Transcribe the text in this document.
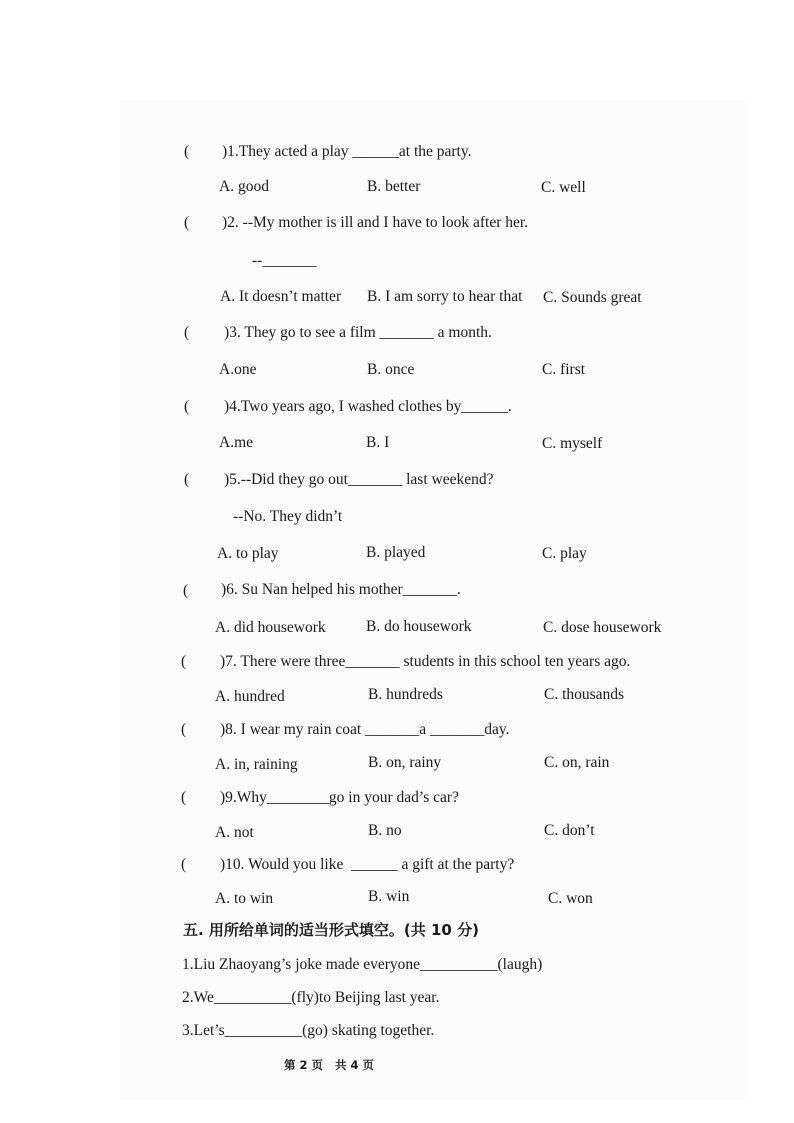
( )1.They acted a play ______at the party.
A. good	B. better	C. well
( )2. --My mother is ill and I have to look after her.
--_______
A. It doesn’t matter B. I am sorry to hear that C. Sounds great
( )3. They go to see a film _______ a month.
A.one	B. once	C. first
( )4.Two years ago, I washed clothes by______.
A.me	B. I	C. myself
( )5.--Did they go out_______ last weekend?
--No. They didn’t
A. to play	B. played	C. play
( )6. Su Nan helped his mother_______.
A. did housework	B. do housework	C. dose housework
( )7. There were three_______ students in this school ten years ago.
A. hundred	B. hundreds	C. thousands
( )8. I wear my rain coat _______a _______day.
A. in, raining	B. on, rainy	C. on, rain
( )9.Why________go in your dad’s car?
A. not	B. no	C. don’t
( )10. Would you like  ______ a gift at the party?
A. to win	B. win	C. won
五. 用所给单词的适当形式填空。(共 10 分)
1.Liu Zhaoyang’s joke made everyone__________(laugh)
2.We__________(fly)to Beijing last year.
3.Let’s__________(go) skating together.
第 2 页   共 4 页
